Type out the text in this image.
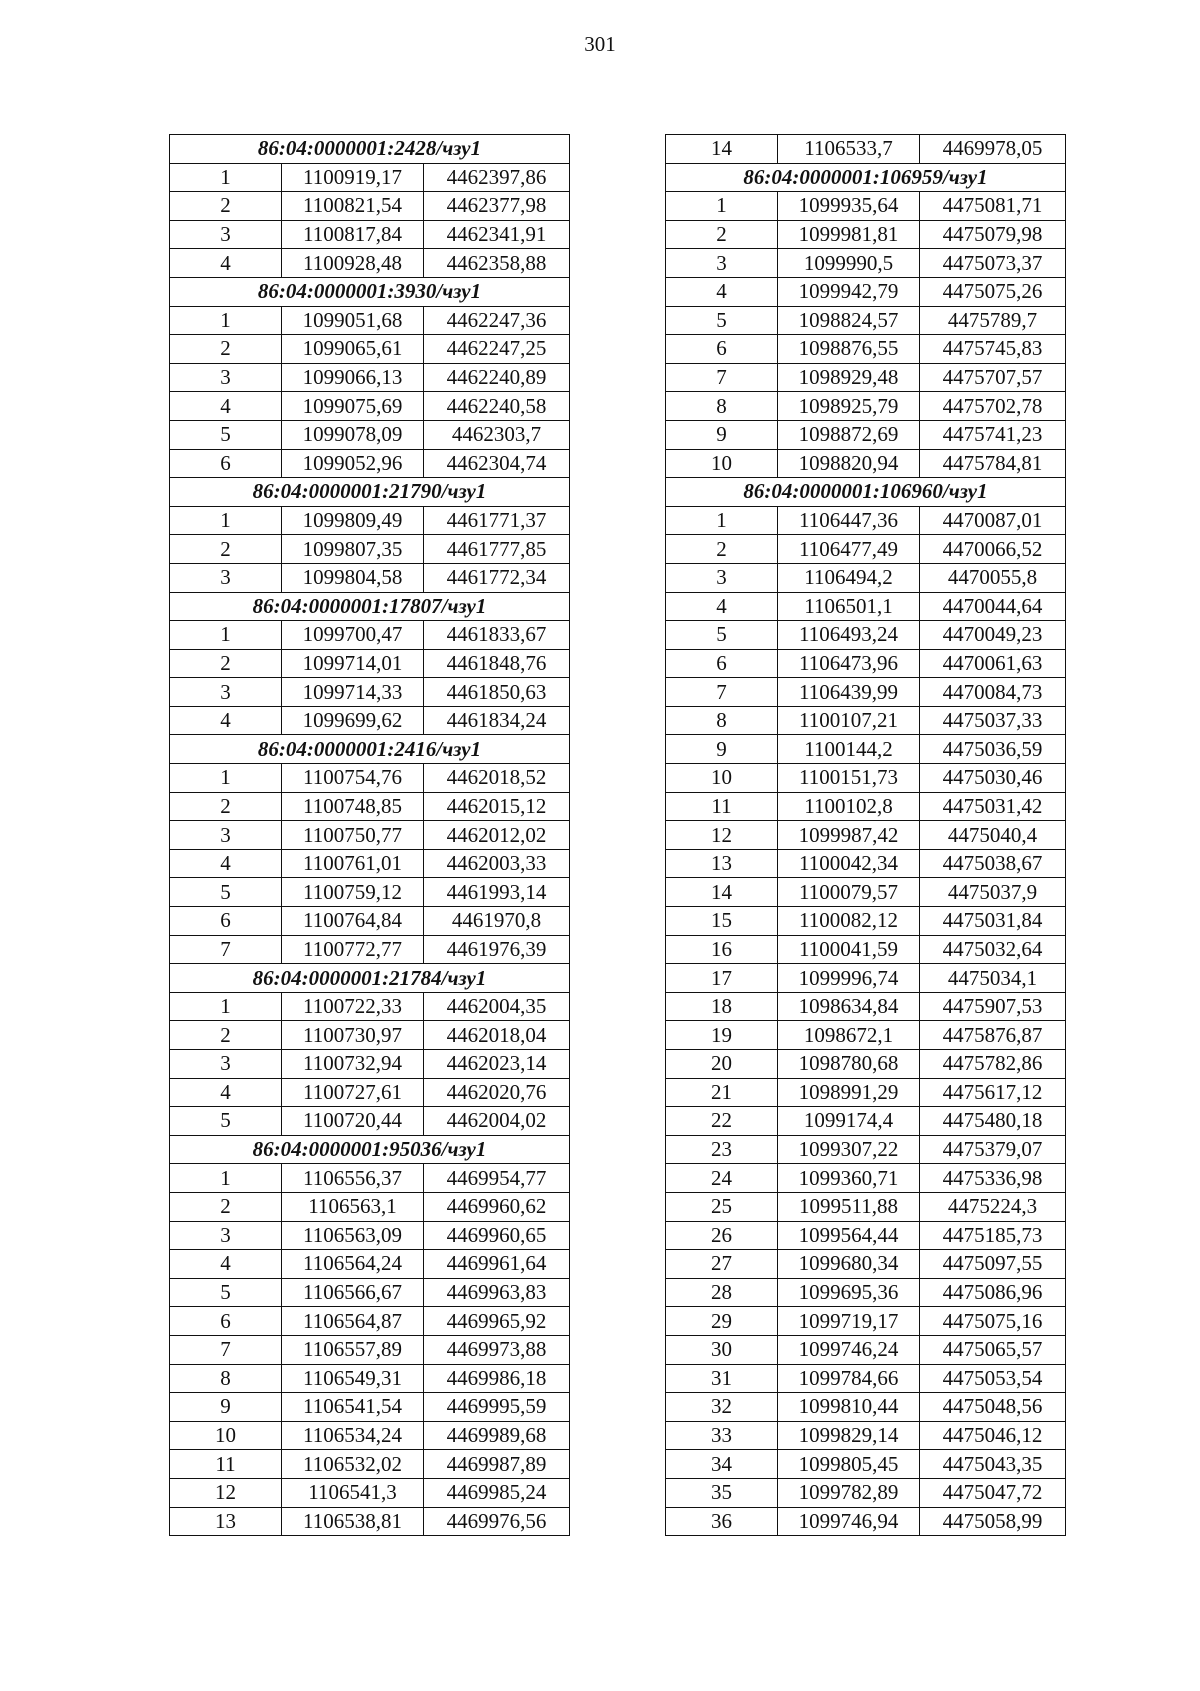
301
86:04:0000001:2428/чзу1		
1	1100919,17	4462397,86
2	1100821,54	4462377,98
3	1100817,84	4462341,91
4	1100928,48	4462358,88
86:04:0000001:3930/чзу1		
1	1099051,68	4462247,36
2	1099065,61	4462247,25
3	1099066,13	4462240,89
4	1099075,69	4462240,58
5	1099078,09	4462303,7
6	1099052,96	4462304,74
86:04:0000001:21790/чзу1		
1	1099809,49	4461771,37
2	1099807,35	4461777,85
3	1099804,58	4461772,34
86:04:0000001:17807/чзу1		
1	1099700,47	4461833,67
2	1099714,01	4461848,76
3	1099714,33	4461850,63
4	1099699,62	4461834,24
86:04:0000001:2416/чзу1		
1	1100754,76	4462018,52
2	1100748,85	4462015,12
3	1100750,77	4462012,02
4	1100761,01	4462003,33
5	1100759,12	4461993,14
6	1100764,84	4461970,8
7	1100772,77	4461976,39
86:04:0000001:21784/чзу1		
1	1100722,33	4462004,35
2	1100730,97	4462018,04
3	1100732,94	4462023,14
4	1100727,61	4462020,76
5	1100720,44	4462004,02
86:04:0000001:95036/чзу1		
1	1106556,37	4469954,77
2	1106563,1	4469960,62
3	1106563,09	4469960,65
4	1106564,24	4469961,64
5	1106566,67	4469963,83
6	1106564,87	4469965,92
7	1106557,89	4469973,88
8	1106549,31	4469986,18
9	1106541,54	4469995,59
10	1106534,24	4469989,68
11	1106532,02	4469987,89
12	1106541,3	4469985,24
13	1106538,81	4469976,56
14	1106533,7	4469978,05
86:04:0000001:106959/чзу1		
1	1099935,64	4475081,71
2	1099981,81	4475079,98
3	1099990,5	4475073,37
4	1099942,79	4475075,26
5	1098824,57	4475789,7
6	1098876,55	4475745,83
7	1098929,48	4475707,57
8	1098925,79	4475702,78
9	1098872,69	4475741,23
10	1098820,94	4475784,81
86:04:0000001:106960/чзу1		
1	1106447,36	4470087,01
2	1106477,49	4470066,52
3	1106494,2	4470055,8
4	1106501,1	4470044,64
5	1106493,24	4470049,23
6	1106473,96	4470061,63
7	1106439,99	4470084,73
8	1100107,21	4475037,33
9	1100144,2	4475036,59
10	1100151,73	4475030,46
11	1100102,8	4475031,42
12	1099987,42	4475040,4
13	1100042,34	4475038,67
14	1100079,57	4475037,9
15	1100082,12	4475031,84
16	1100041,59	4475032,64
17	1099996,74	4475034,1
18	1098634,84	4475907,53
19	1098672,1	4475876,87
20	1098780,68	4475782,86
21	1098991,29	4475617,12
22	1099174,4	4475480,18
23	1099307,22	4475379,07
24	1099360,71	4475336,98
25	1099511,88	4475224,3
26	1099564,44	4475185,73
27	1099680,34	4475097,55
28	1099695,36	4475086,96
29	1099719,17	4475075,16
30	1099746,24	4475065,57
31	1099784,66	4475053,54
32	1099810,44	4475048,56
33	1099829,14	4475046,12
34	1099805,45	4475043,35
35	1099782,89	4475047,72
36	1099746,94	4475058,99
